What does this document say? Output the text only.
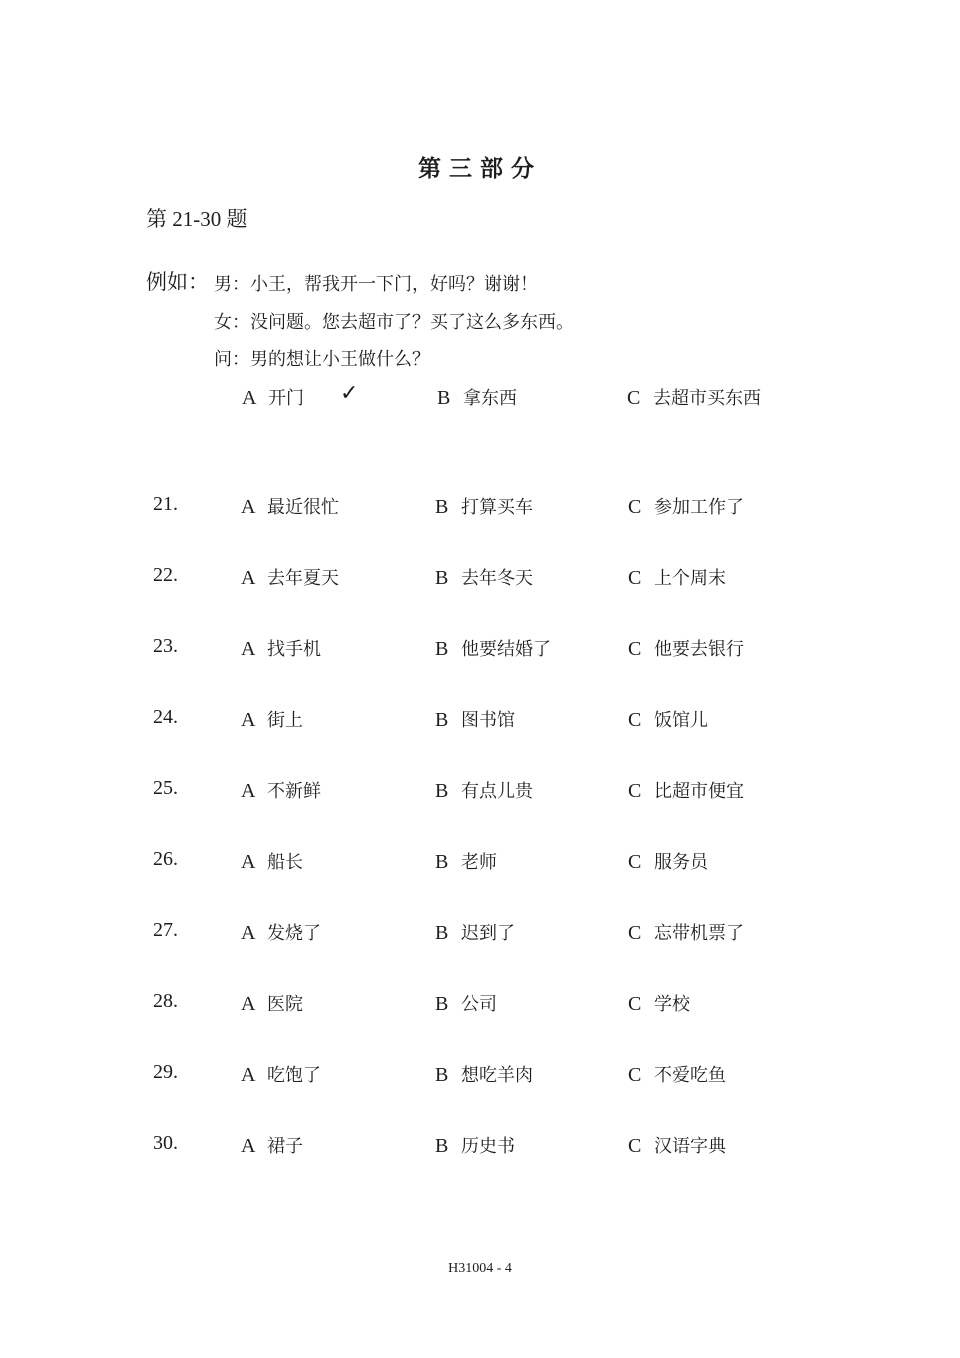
第三部分
第 21-30 题
例如： 男：小王，帮我开一下门，好吗？谢谢！
女：没问题。您去超市了？买了这么多东西。
问：男的想让小王做什么？
A 开门 ✓	B 拿东西	C 去超市买东西
21.	A 最近很忙	B 打算买车	C 参加工作了
22.	A 去年夏天	B 去年冬天	C 上个周末
23.	A 找手机	B 他要结婚了	C 他要去银行
24.	A 街上	B 图书馆	C 饭馆儿
25.	A 不新鲜	B 有点儿贵	C 比超市便宜
26.	A 船长	B 老师	C 服务员
27.	A 发烧了	B 迟到了	C 忘带机票了
28.	A 医院	B 公司	C 学校
29.	A 吃饱了	B 想吃羊肉	C 不爱吃鱼
30.	A 裙子	B 历史书	C 汉语字典
H31004 - 4
